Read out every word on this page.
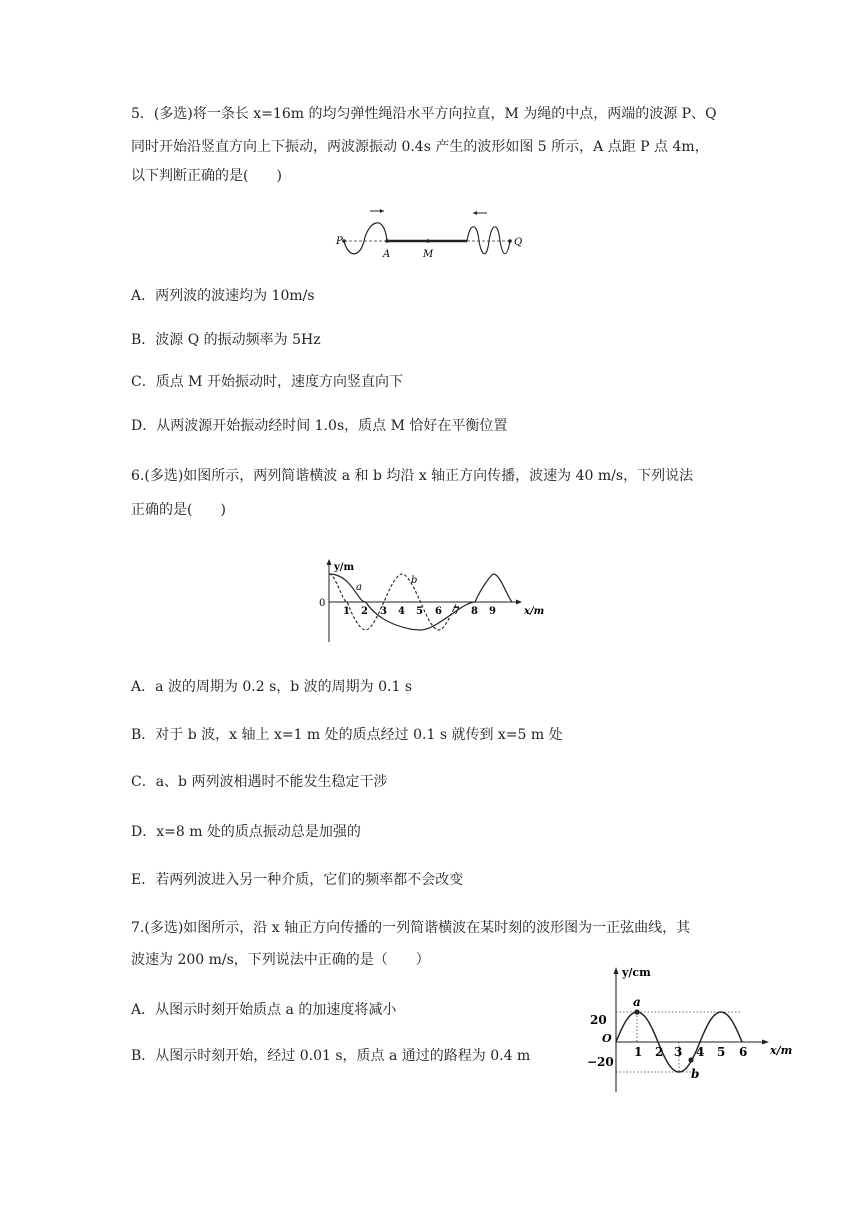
5．(多选)将一条长 x=16m 的均匀弹性绳沿水平方向拉直，M 为绳的中点，两端的波源 P、Q
同时开始沿竖直方向上下振动，两波源振动 0.4s 产生的波形如图 5 所示，A 点距 P 点 4m，
以下判断正确的是(　　)
P
A	M
Q
A．两列波的波速均为 10m/s
B．波源 Q 的振动频率为 5Hz
C．质点 M 开始振动时，速度方向竖直向下
D．从两波源开始振动经时间 1.0s，质点 M 恰好在平衡位置
6.(多选)如图所示，两列简谐横波 a 和 b 均沿 x 轴正方向传播，波速为 40 m/s，下列说法
正确的是(　　)
y/m
x/m
0
a
b
1 2 3 4 5 6 7 8 9
A．a 波的周期为 0.2 s，b 波的周期为 0.1 s
B．对于 b 波，x 轴上 x=1 m 处的质点经过 0.1 s 就传到 x=5 m 处
C．a、b 两列波相遇时不能发生稳定干涉
D．x=8 m 处的质点振动总是加强的
E．若两列波进入另一种介质，它们的频率都不会改变
7.(多选)如图所示，沿 x 轴正方向传播的一列简谐横波在某时刻的波形图为一正弦曲线，其
波速为 200 m/s，下列说法中正确的是（　　）
A．从图示时刻开始质点 a 的加速度将减小
B．从图示时刻开始，经过 0.01 s，质点 a 通过的路程为 0.4 m
y/cm
x/m
O
20
−20
a
b
1 2 3 4 5 6
